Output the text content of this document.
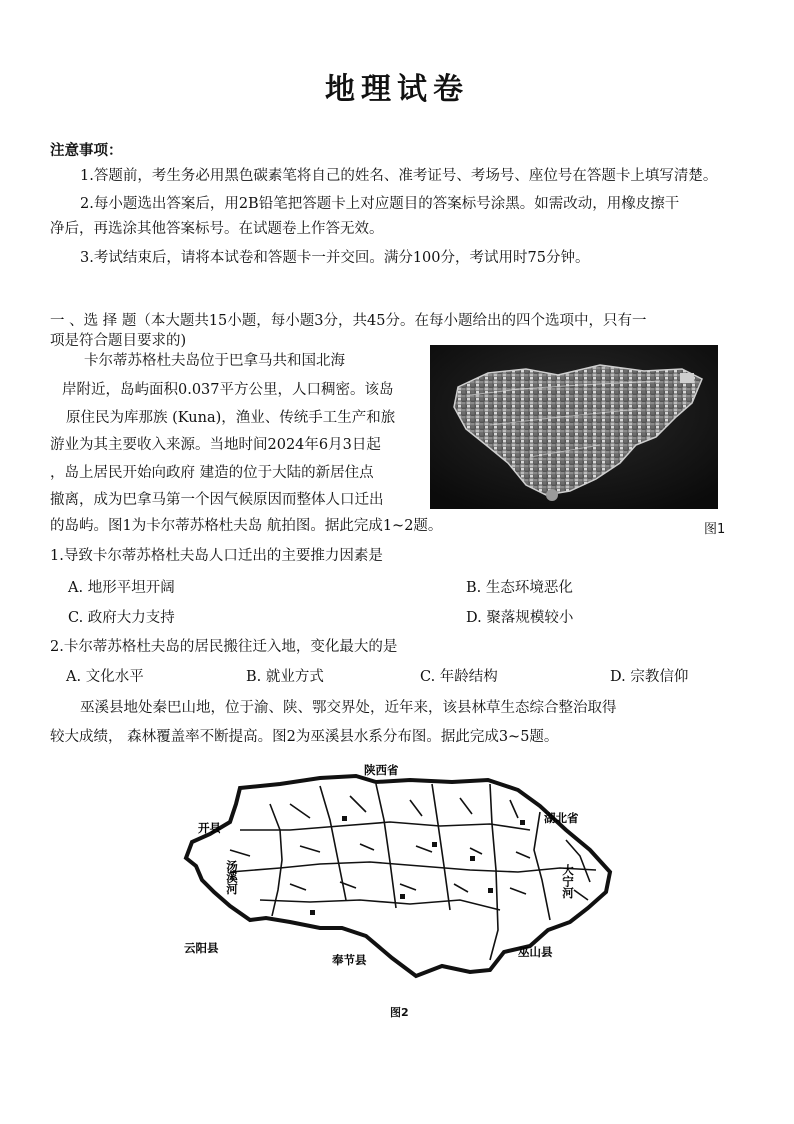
地理试卷
注意事项：
1.答题前，考生务必用黑色碳素笔将自己的姓名、准考证号、考场号、座位号在答题卡上填写清楚。
2.每小题选出答案后，用2B铅笔把答题卡上对应题目的答案标号涂黑。如需改动，用橡皮擦干
净后，再选涂其他答案标号。在试题卷上作答无效。
3.考试结束后，请将本试卷和答题卡一并交回。满分100分，考试用时75分钟。
一 、选 择 题（本大题共15小题，每小题3分，共45分。在每小题给出的四个选项中，只有一
项是符合题目要求的)
卡尔蒂苏格杜夫岛位于巴拿马共和国北海
岸附近，岛屿面积0.037平方公里，人口稠密。该岛
原住民为库那族 (Kuna)，渔业、传统手工生产和旅
游业为其主要收入来源。当地时间2024年6月3日起
，岛上居民开始向政府 建造的位于大陆的新居住点
撤离，成为巴拿马第一个因气候原因而整体人口迁出
的岛屿。图1为卡尔蒂苏格杜夫岛 航拍图。据此完成1~2题。	图1
1.导致卡尔蒂苏格杜夫岛人口迁出的主要推力因素是
A. 地形平坦开阔	B. 生态环境恶化
C. 政府大力支持	D. 聚落规模较小
2.卡尔蒂苏格杜夫岛的居民搬往迁入地，变化最大的是
A. 文化水平	B. 就业方式	C. 年龄结构	D. 宗教信仰
巫溪县地处秦巴山地，位于渝、陕、鄂交界处，近年来，该县林草生态综合整治取得
较大成绩， 森林覆盖率不断提高。图2为巫溪县水系分布图。据此完成3~5题。
陕西省
湖北省
开县
云阳县
奉节县
巫山县
汤溪河	大宁河
图2
